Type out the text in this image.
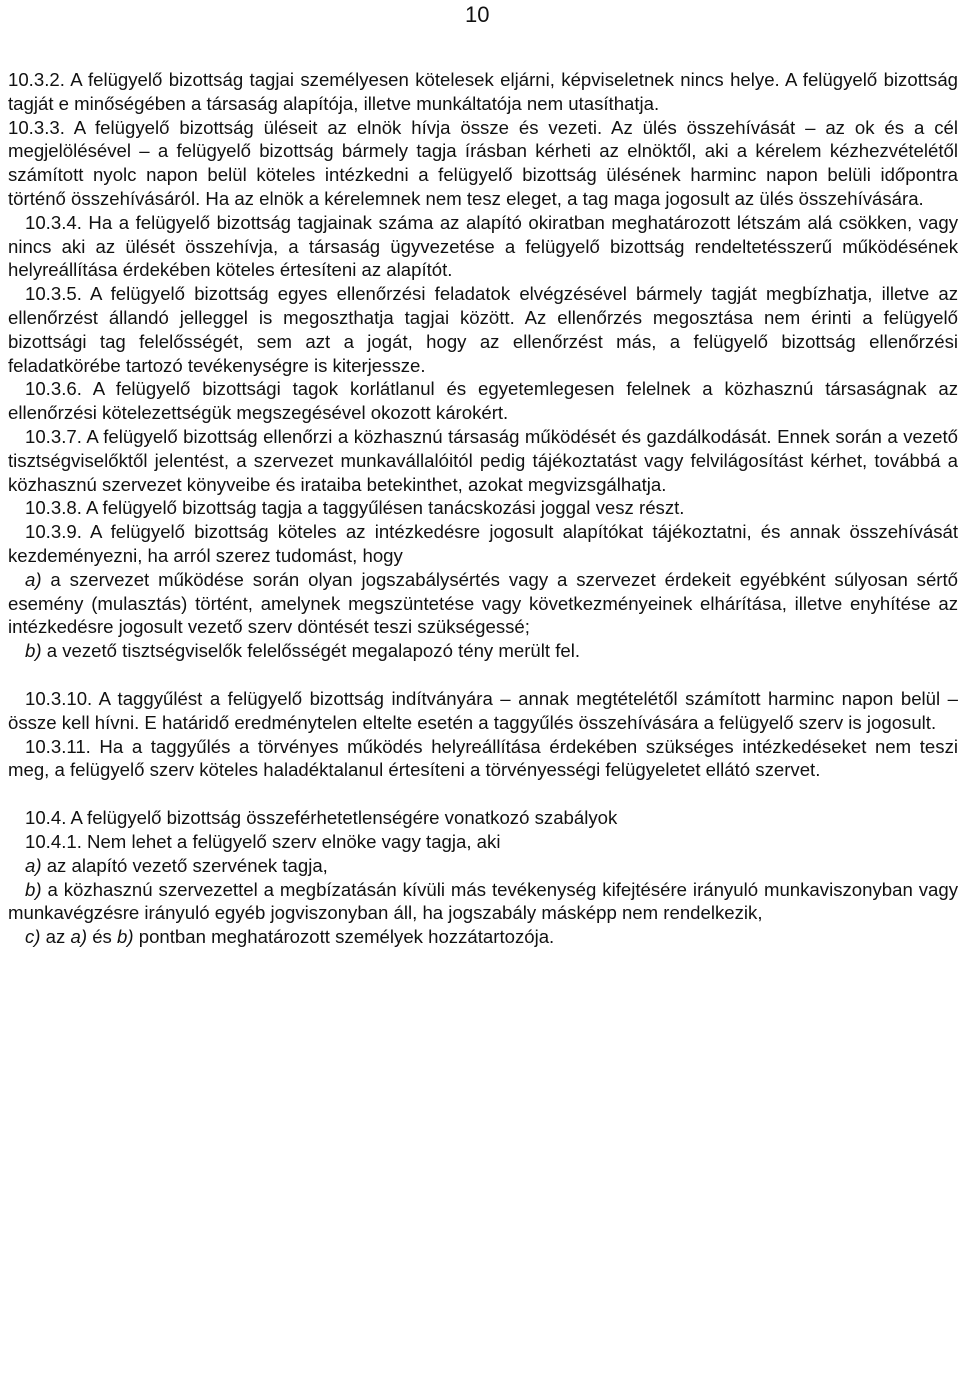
10

10.3.2. A felügyelő bizottság tagjai személyesen kötelesek eljárni, képviseletnek nincs helye. A felügyelő bizottság tagját e minőségében a társaság alapítója, illetve munkáltatója nem utasíthatja.

10.3.3. A felügyelő bizottság üléseit az elnök hívja össze és vezeti. Az ülés összehívását – az ok és a cél megjelölésével – a felügyelő bizottság bármely tagja írásban kérheti az elnöktől, aki a kérelem kézhezvételétől számított nyolc napon belül köteles intézkedni a felügyelő bizottság ülésének harminc napon belüli időpontra történő összehívásáról. Ha az elnök a kérelemnek nem tesz eleget, a tag maga jogosult az ülés összehívására.

10.3.4. Ha a felügyelő bizottság tagjainak száma az alapító okiratban meghatározott létszám alá csökken, vagy nincs aki az ülését összehívja, a társaság ügyvezetése a felügyelő bizottság rendeltetésszerű működésének helyreállítása érdekében köteles értesíteni az alapítót.

10.3.5. A felügyelő bizottság egyes ellenőrzési feladatok elvégzésével bármely tagját megbízhatja, illetve az ellenőrzést állandó jelleggel is megoszthatja tagjai között. Az ellenőrzés megosztása nem érinti a felügyelő bizottsági tag felelősségét, sem azt a jogát, hogy az ellenőrzést más, a felügyelő bizottság ellenőrzési feladatkörébe tartozó tevékenységre is kiterjessze.

10.3.6. A felügyelő bizottsági tagok korlátlanul és egyetemlegesen felelnek a közhasznú társaságnak az ellenőrzési kötelezettségük megszegésével okozott károkért.

10.3.7. A felügyelő bizottság ellenőrzi a közhasznú társaság működését és gazdálkodását. Ennek során a vezető tisztségviselőktől jelentést, a szervezet munkavállalóitól pedig tájékoztatást vagy felvilágosítást kérhet, továbbá a közhasznú szervezet könyveibe és irataiba betekinthet, azokat megvizsgálhatja.

10.3.8. A felügyelő bizottság tagja a taggyűlésen tanácskozási joggal vesz részt.

10.3.9. A felügyelő bizottság köteles az intézkedésre jogosult alapítókat tájékoztatni, és annak összehívását kezdeményezni, ha arról szerez tudomást, hogy

a) a szervezet működése során olyan jogszabálysértés vagy a szervezet érdekeit egyébként súlyosan sértő esemény (mulasztás) történt, amelynek megszüntetése vagy következményeinek elhárítása, illetve enyhítése az intézkedésre jogosult vezető szerv döntését teszi szükségessé;

b) a vezető tisztségviselők felelősségét megalapozó tény merült fel.

10.3.10. A taggyűlést a felügyelő bizottság indítványára – annak megtételétől számított harminc napon belül – össze kell hívni. E határidő eredménytelen eltelte esetén a taggyűlés összehívására a felügyelő szerv is jogosult.

10.3.11. Ha a taggyűlés a törvényes működés helyreállítása érdekében szükséges intézkedéseket nem teszi meg, a felügyelő szerv köteles haladéktalanul értesíteni a törvényességi felügyeletet ellátó szervet.

10.4. A felügyelő bizottság összeférhetetlenségére vonatkozó szabályok

10.4.1. Nem lehet a felügyelő szerv elnöke vagy tagja, aki

a) az alapító vezető szervének tagja,

b) a közhasznú szervezettel a megbízatásán kívüli más tevékenység kifejtésére irányuló munkaviszonyban vagy munkavégzésre irányuló egyéb jogviszonyban áll, ha jogszabály másképp nem rendelkezik,

c) az a) és b) pontban meghatározott személyek hozzátartozója.
